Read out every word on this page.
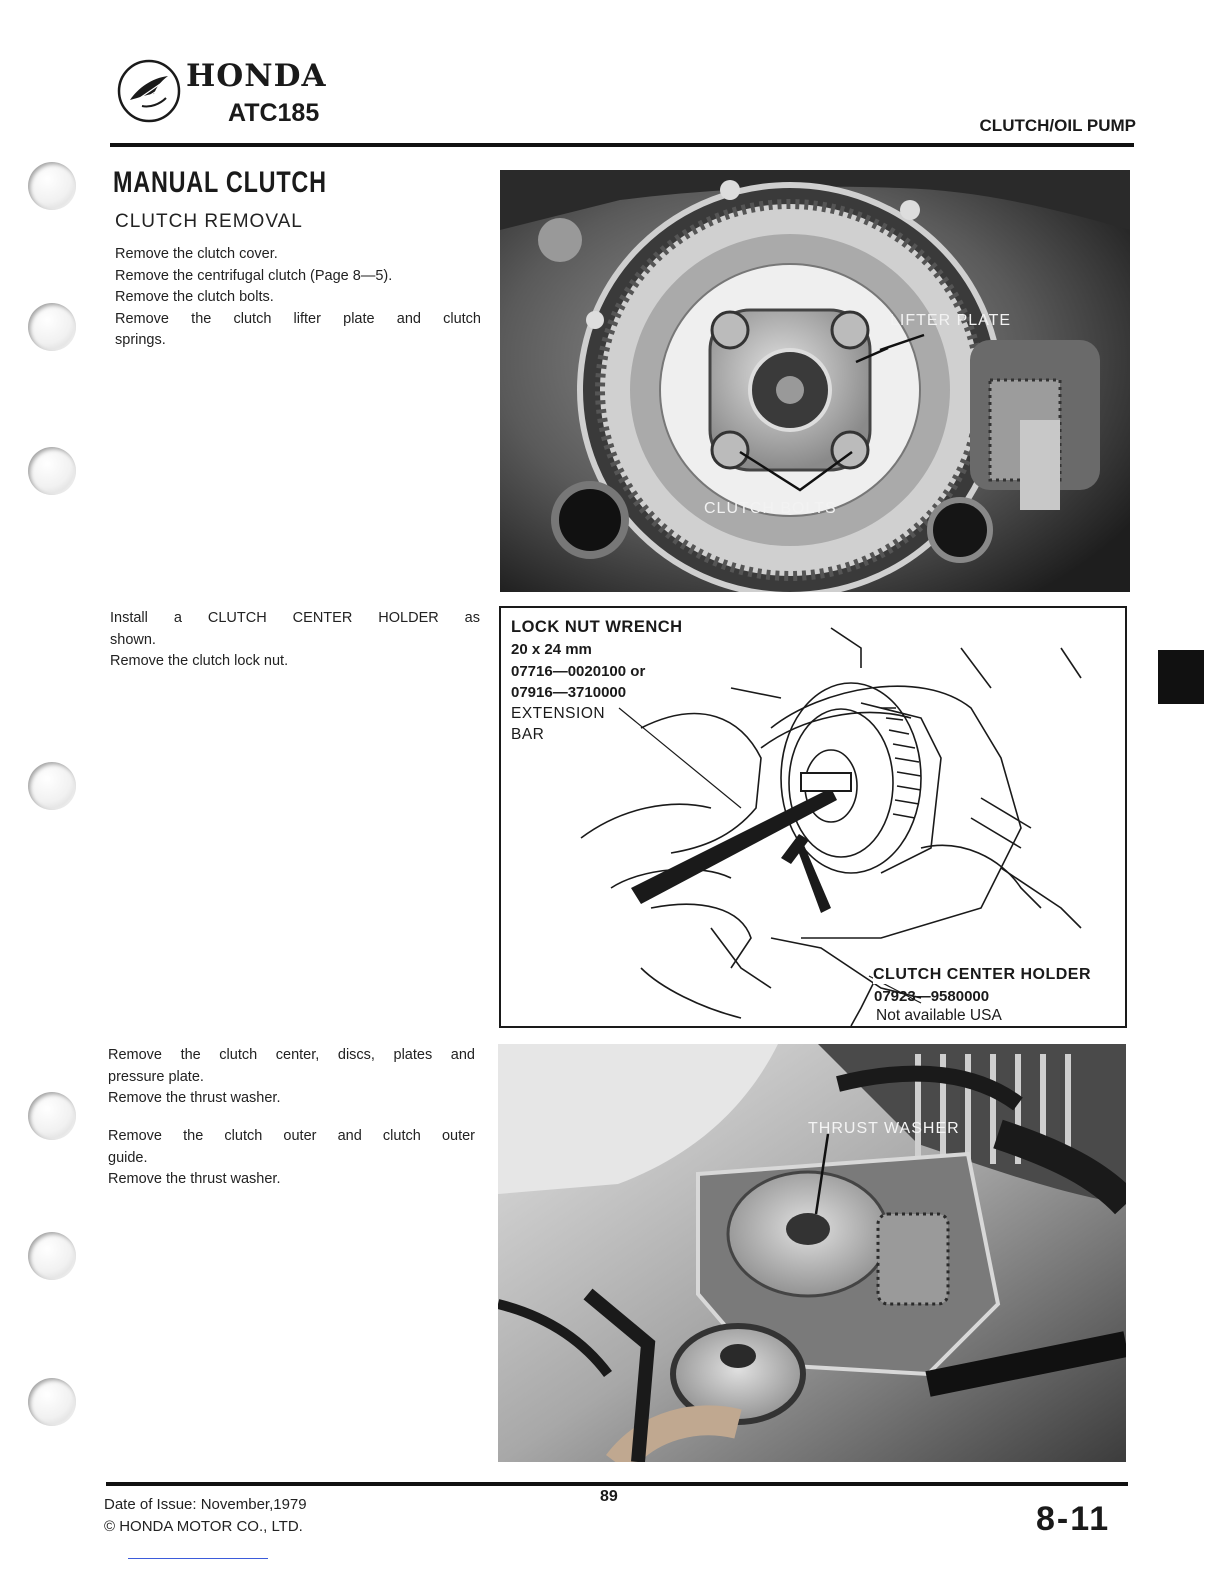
HONDA
ATC185	CLUTCH/OIL PUMP
MANUAL CLUTCH
CLUTCH REMOVAL
Remove the clutch cover.
Remove the centrifugal clutch (Page 8—5).
Remove the clutch bolts.
Remove the clutch lifter plate and clutch
springs.
Install a CLUTCH CENTER HOLDER as
shown.
Remove the clutch lock nut.
Remove the clutch center, discs, plates and
pressure plate.
Remove the thrust washer.
Remove the clutch outer and clutch outer
guide.
Remove the thrust washer.
LIFTER PLATE
CLUTCH BOLTS
LOCK NUT WRENCH
20 x 24 mm
07716—0020100 or
07916—3710000
EXTENSION
BAR
CLUTCH CENTER HOLDER
07923—9580000
Not available USA
THRUST WASHER
Date of Issue: November,1979
© HONDA MOTOR CO., LTD.
89
8-11
